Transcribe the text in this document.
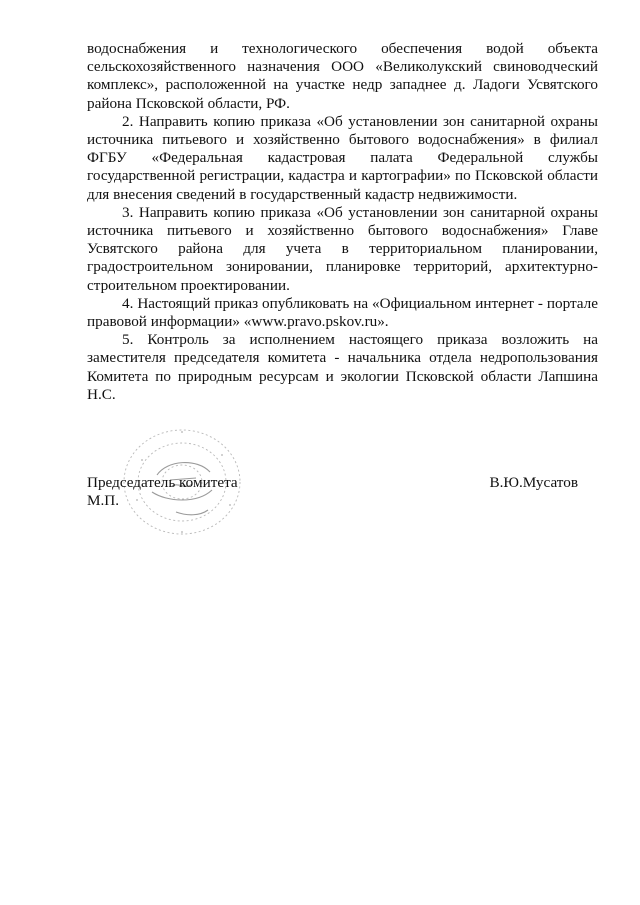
водоснабжения и технологического обеспечения водой объекта сельскохозяйственного назначения ООО «Великолукский свиноводческий комплекс», расположенной на участке недр западнее д. Ладоги Усвятского района Псковской области, РФ.

2. Направить копию приказа «Об установлении зон санитарной охраны источника питьевого и хозяйственно бытового водоснабжения» в филиал ФГБУ «Федеральная кадастровая палата Федеральной службы государственной регистрации, кадастра и картографии» по Псковской области для внесения сведений в государственный кадастр недвижимости.

3. Направить копию приказа «Об установлении зон санитарной охраны источника питьевого и хозяйственно бытового водоснабжения» Главе Усвятского района для учета в территориальном планировании, градостроительном зонировании, планировке территорий, архитектурно-строительном проектировании.

4. Настоящий приказ опубликовать на «Официальном интернет - портале правовой информации» «www.pravo.pskov.ru».

5. Контроль за исполнением настоящего приказа возложить на заместителя председателя комитета - начальника отдела недропользования Комитета по природным ресурсам и экологии Псковской области Лапшина Н.С.

Председатель комитета
М.П.
В.Ю.Мусатов
